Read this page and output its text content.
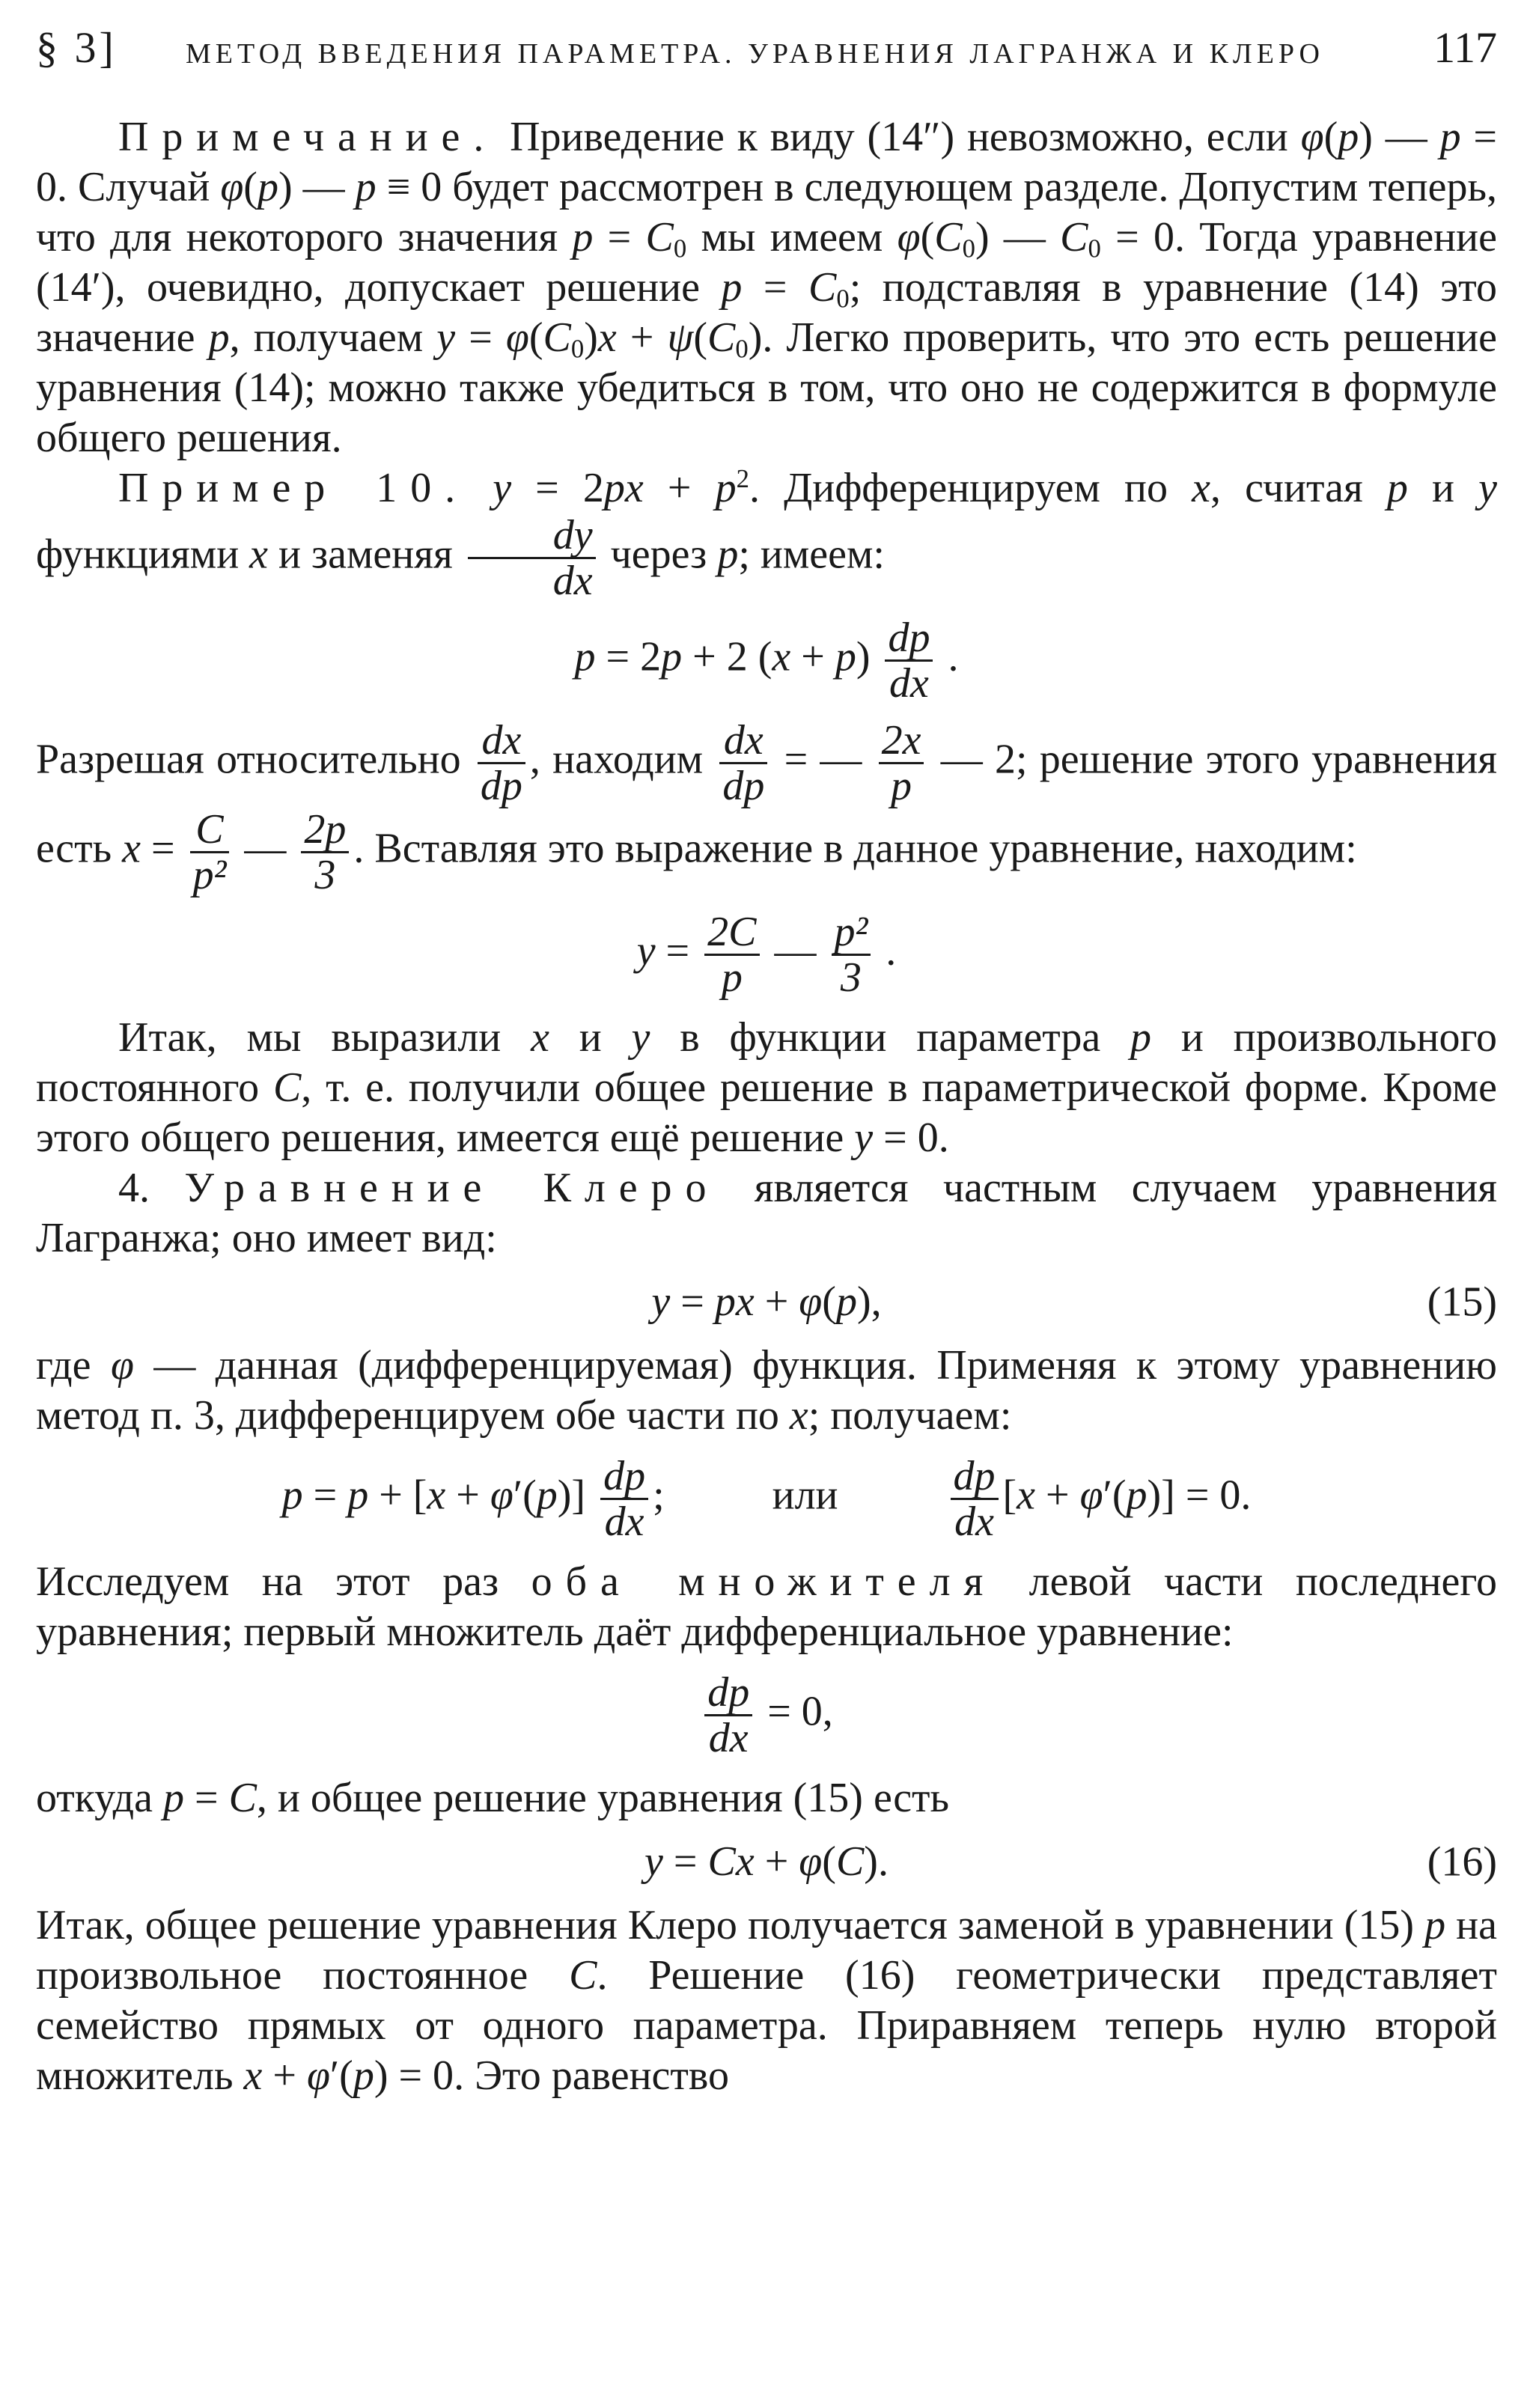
§ 3] МЕТОД ВВЕДЕНИЯ ПАРАМЕТРА. УРАВНЕНИЯ ЛАГРАНЖА И КЛЕРО	117

Примечание. Приведение к виду (14″) невозможно, если φ(p) — p = 0. Случай φ(p) — p ≡ 0 будет рассмотрен в следующем разделе. Допустим теперь, что для некоторого значения $p = C_0$ мы имеем $\varphi(C_0)$ — $C_0 = 0$. Тогда уравнение (14′), очевидно, допускает решение $p = C_0$; подставляя в уравнение (14) это значение p, получаем $y = \varphi(C_0)x + \psi(C_0)$. Легко проверить, что это есть решение уравнения (14); можно также убедиться в том, что оно не содержится в формуле общего решения.

Пример 10. $y = 2px + p^2$. Дифференцируем по x, считая p и y функциями x и заменяя $\frac{dy}{dx}$ через p; имеем:

p = 2p + 2 $(x + p) \frac{dp}{dx}$ .

Разрешая относительно $\frac{dx}{dp}$ , находим $\frac{dx}{dp}$ = — $\frac{2x}{p}$ — 2; решение этого уравнения есть $x = \frac{C}{\text{p²}}$ — $\frac{2p}{3}$ . Вставляя это выражение в данное уравнение, находим:

$y = \frac{2C}{p}$ — $\frac{\text{p²}}{3}$ .

Итак, мы выразили x и y в функции параметра p и произвольного постоянного C, т. е. получили общее решение в параметрической форме. Кроме этого общего решения, имеется ещё решение y = 0.

4. Уравнение Клеро является частным случаем уравнения Лагранжа; оно имеет вид:

y = px + φ(p),	(15)

где φ — данная (дифференцируемая) функция. Применяя к этому уравнению метод п. 3, дифференцируем обе части по x; получаем:

$p = p + [x + \varphi'(p)] \frac{dp}{dx}$ ; или	$\frac{dp}{dx} [x + \varphi'(p)] = 0$.

Исследуем на этот раз оба множителя левой части последнего уравнения; первый множитель даёт дифференциальное уравнение:

$\frac{dp}{dx} = 0$,

откуда p = C, и общее решение уравнения (15) есть

y = Cx + φ(C).	(16)

Итак, общее решение уравнения Клеро получается заменой в уравнении (15) p на произвольное постоянное C. Решение (16) геометрически представляет семейство прямых от одного параметра. Приравняем теперь нулю второй множитель x + φ′(p) = 0. Это равенство
